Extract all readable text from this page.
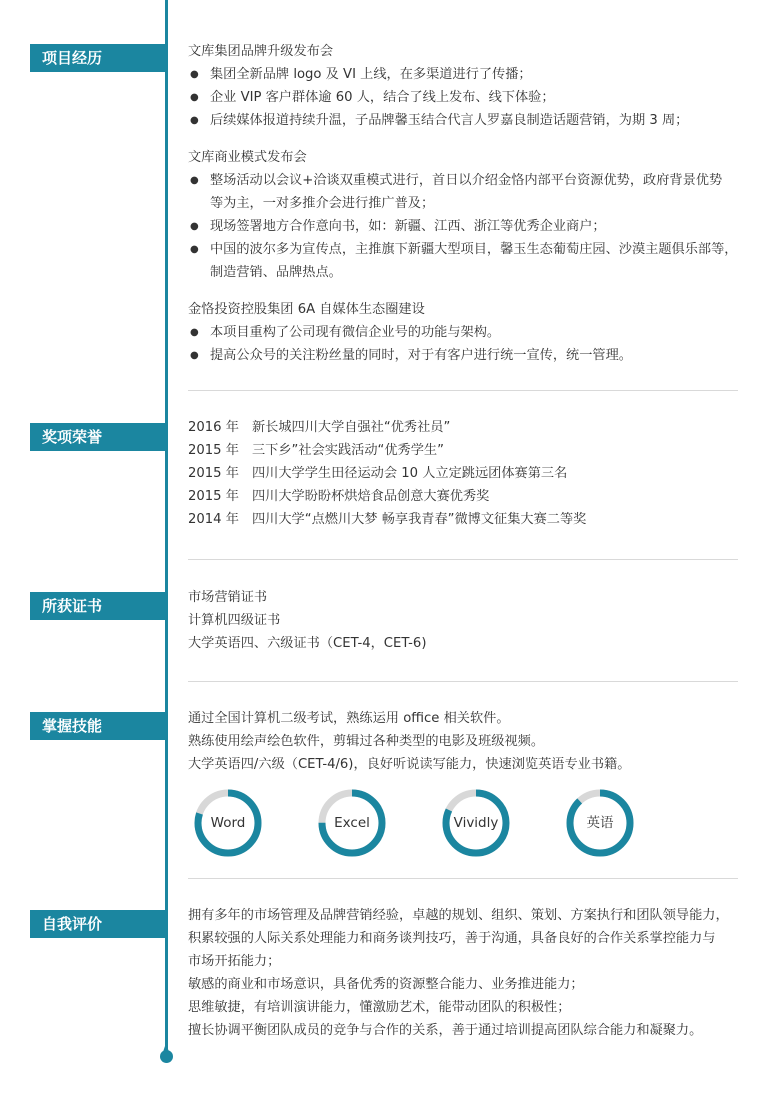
项目经历	文库集团品牌升级发布会
● 集团全新品牌 logo 及 VI 上线，在多渠道进行了传播；
● 企业 VIP 客户群体逾 60 人，结合了线上发布、线下体验；
● 后续媒体报道持续升温，子品牌馨玉结合代言人罗嘉良制造话题营销，为期 3 周；
文库商业模式发布会
● 整场活动以会议+洽谈双重模式进行，首日以介绍金恪内部平台资源优势，政府背景优势
等为主，一对多推介会进行推广普及；
● 现场签署地方合作意向书，如：新疆、江西、浙江等优秀企业商户；
● 中国的波尔多为宣传点，主推旗下新疆大型项目，馨玉生态葡萄庄园、沙漠主题俱乐部等，
制造营销、品牌热点。
金恪投资控股集团 6A 自媒体生态圈建设
● 本项目重构了公司现有微信企业号的功能与架构。
● 提高公众号的关注粉丝量的同时，对于有客户进行统一宣传，统一管理。
奖项荣誉
2016 年 新长城四川大学自强社“优秀社员”
2015 年 三下乡”社会实践活动“优秀学生”
2015 年 四川大学学生田径运动会 10 人立定跳远团体赛第三名
2015 年 四川大学盼盼杯烘焙食品创意大赛优秀奖
2014 年 四川大学“点燃川大梦 畅享我青春”微博文征集大赛二等奖
所获证书	市场营销证书
计算机四级证书
大学英语四、六级证书（CET-4，CET-6)
掌握技能	通过全国计算机二级考试，熟练运用 office 相关软件。
熟练使用绘声绘色软件，剪辑过各种类型的电影及班级视频。
大学英语四/六级（CET-4/6)，良好听说读写能力，快速浏览英语专业书籍。
Word	Excel	Vividly	英语
自我评价	拥有多年的市场管理及品牌营销经验，卓越的规划、组织、策划、方案执行和团队领导能力，
积累较强的人际关系处理能力和商务谈判技巧，善于沟通，具备良好的合作关系掌控能力与
市场开拓能力；
敏感的商业和市场意识，具备优秀的资源整合能力、业务推进能力；
思维敏捷，有培训演讲能力，懂激励艺术，能带动团队的积极性；
擅长协调平衡团队成员的竞争与合作的关系，善于通过培训提高团队综合能力和凝聚力。
